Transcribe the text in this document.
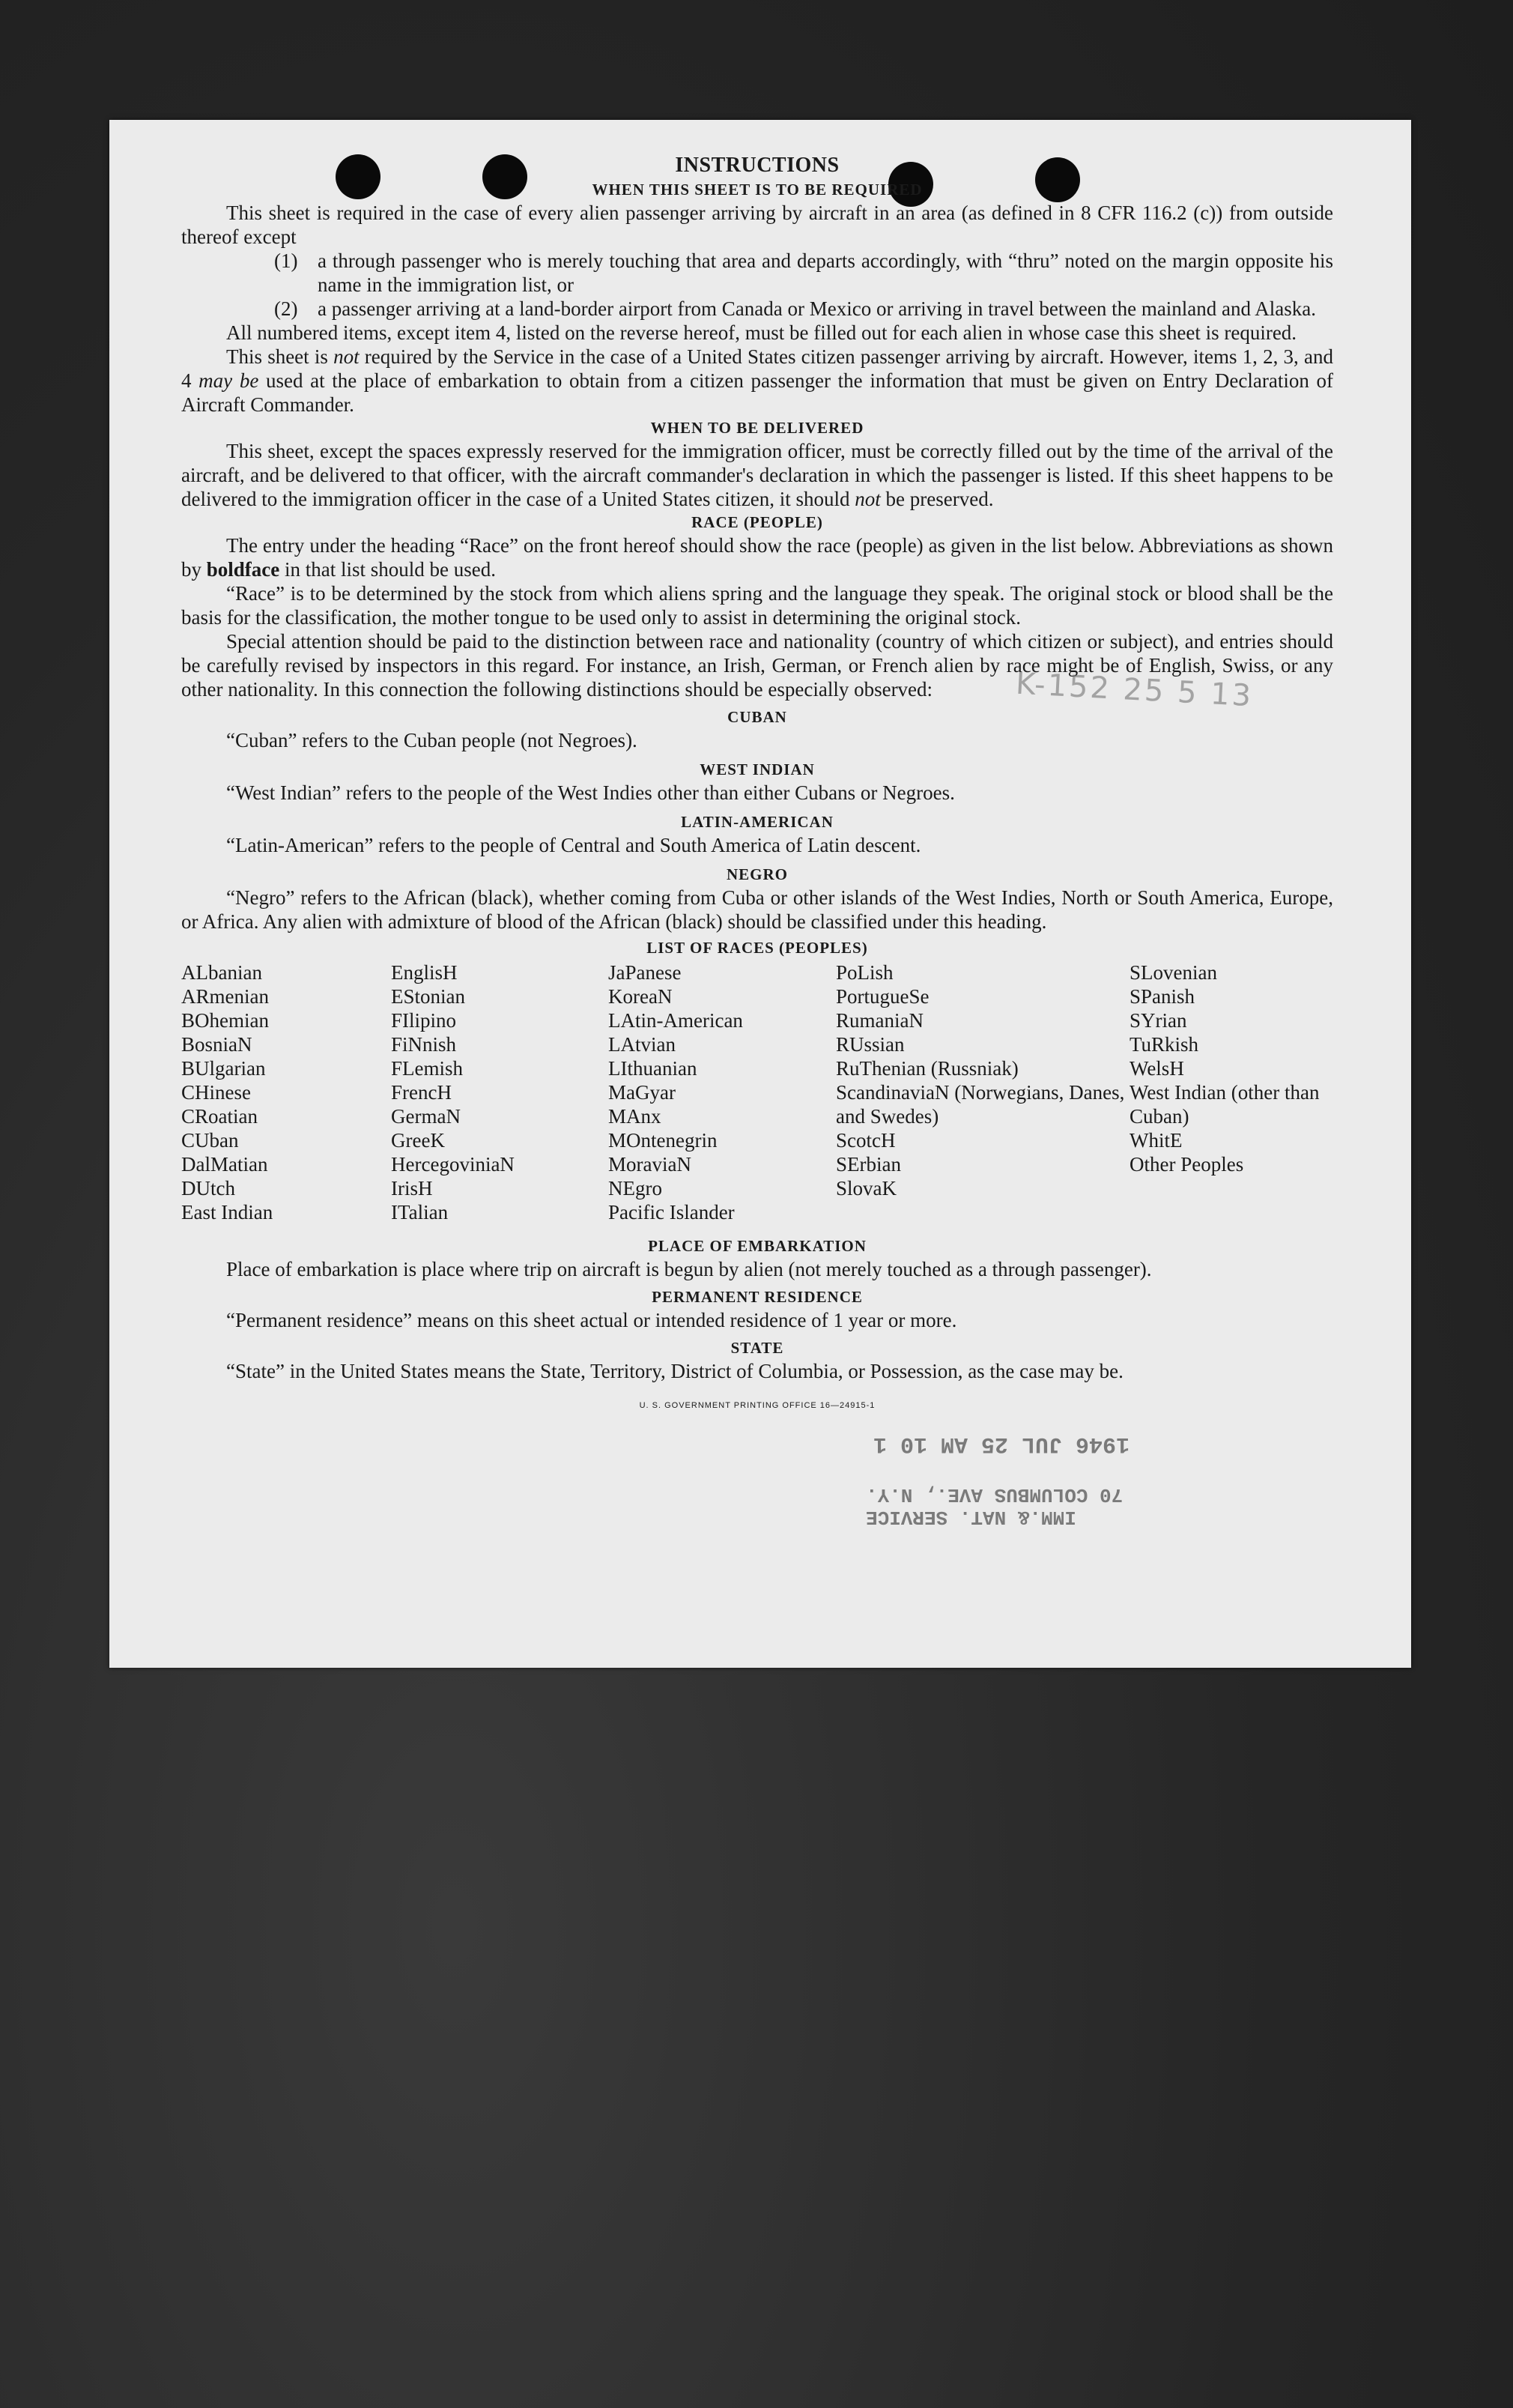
INSTRUCTIONS
WHEN THIS SHEET IS TO BE REQUIRED

This sheet is required in the case of every alien passenger arriving by aircraft in an area (as defined in 8 CFR 116.2 (c)) from outside thereof except

(1) a through passenger who is merely touching that area and departs accordingly, with “thru” noted on the margin opposite his name in the immigration list, or
(2) a passenger arriving at a land-border airport from Canada or Mexico or arriving in travel between the mainland and Alaska.

All numbered items, except item 4, listed on the reverse hereof, must be filled out for each alien in whose case this sheet is required.

This sheet is not required by the Service in the case of a United States citizen passenger arriving by aircraft. However, items 1, 2, 3, and 4 may be used at the place of embarkation to obtain from a citizen passenger the information that must be given on Entry Declaration of Aircraft Commander.

WHEN TO BE DELIVERED

This sheet, except the spaces expressly reserved for the immigration officer, must be correctly filled out by the time of the arrival of the aircraft, and be delivered to that officer, with the aircraft commander's declaration in which the passenger is listed. If this sheet happens to be delivered to the immigration officer in the case of a United States citizen, it should not be preserved.

RACE (PEOPLE)

The entry under the heading “Race” on the front hereof should show the race (people) as given in the list below. Abbreviations as shown by boldface in that list should be used.

“Race” is to be determined by the stock from which aliens spring and the language they speak. The original stock or blood shall be the basis for the classification, the mother tongue to be used only to assist in determining the original stock.

Special attention should be paid to the distinction between race and nationality (country of which citizen or subject), and entries should be carefully revised by inspectors in this regard. For instance, an Irish, German, or French alien by race might be of English, Swiss, or any other nationality. In this connection the following distinctions should be especially observed:

CUBAN

“Cuban” refers to the Cuban people (not Negroes).

WEST INDIAN

“West Indian” refers to the people of the West Indies other than either Cubans or Negroes.

LATIN-AMERICAN

“Latin-American” refers to the people of Central and South America of Latin descent.

NEGRO

“Negro” refers to the African (black), whether coming from Cuba or other islands of the West Indies, North or South America, Europe, or Africa. Any alien with admixture of blood of the African (black) should be classified under this heading.

LIST OF RACES (PEOPLES)
ALbanian
ARmenian
BOhemian
BosniaN
BUlgarian
CHinese
CRoatian
CUban
DalMatian
DUtch
East Indian
EnglisH
EStonian
FIlipino
FiNnish
FLemish
FrencH
GermaN
GreeK
HercegoviniaN
IrisH
ITalian
JaPanese
KoreaN
LAtin-American
LAtvian
LIthuanian
MaGyar
MAnx
MOntenegrin
MoraviaN
NEgro
Pacific Islander
PoLish
PortugueSe
RumaniaN
RUssian
RuThenian (Russniak)
ScandinaviaN (Norwegians, Danes, and Swedes)
ScotcH
SErbian
SlovaK
SLovenian
SPanish
SYrian
TuRkish
WelsH
West Indian (other than Cuban)
WhitE
Other Peoples
PLACE OF EMBARKATION

Place of embarkation is place where trip on aircraft is begun by alien (not merely touched as a through passenger).

PERMANENT RESIDENCE

“Permanent residence” means on this sheet actual or intended residence of 1 year or more.

STATE

“State” in the United States means the State, Territory, District of Columbia, or Possession, as the case may be.

U. S. GOVERNMENT PRINTING OFFICE 16—24915-1
1946 JUL 25 AM 10 1
IMM.& NAT. SERVICE
70 COLUMBUS AVE., N.Y.
K-152 25 5 13
